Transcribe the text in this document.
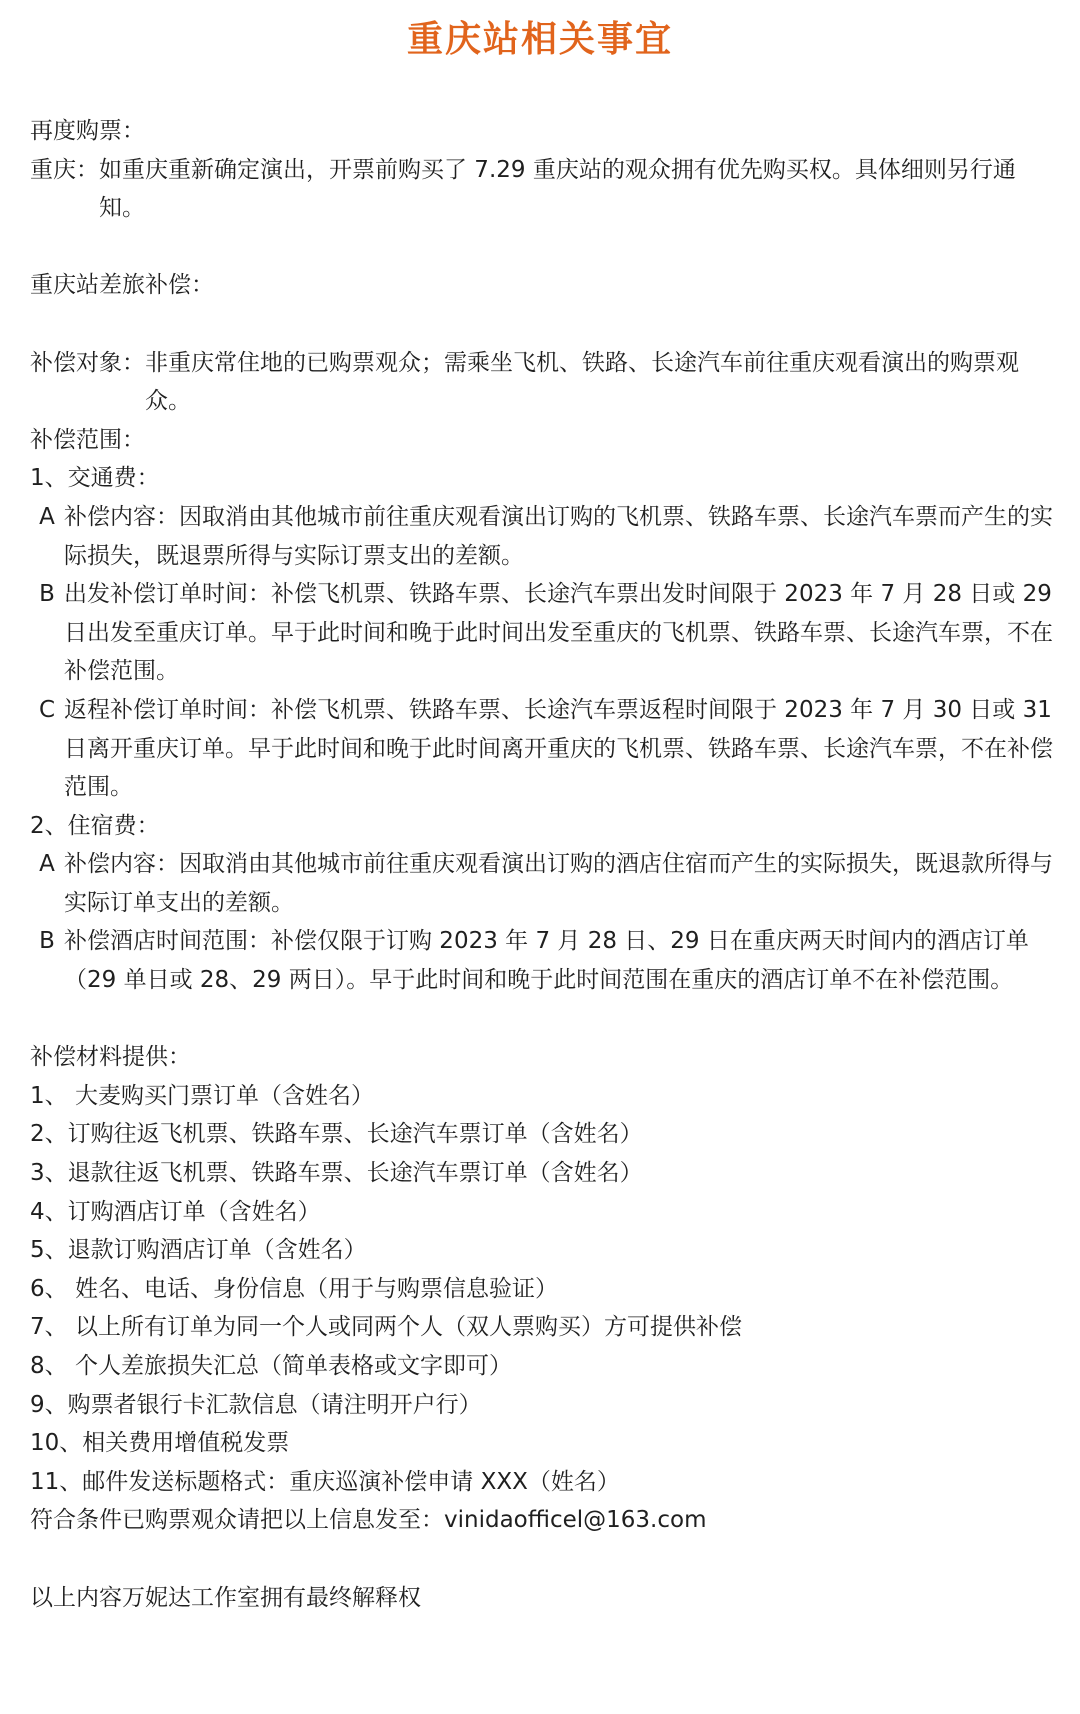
重庆站相关事宜

再度购票：

重庆： 如重庆重新确定演出，开票前购买了 7.29 重庆站的观众拥有优先购买权。具体细则另行通知。

重庆站差旅补偿：

补偿对象： 非重庆常住地的已购票观众；需乘坐飞机、铁路、长途汽车前往重庆观看演出的购票观众。

补偿范围：

1、交通费：

A 补偿内容：因取消由其他城市前往重庆观看演出订购的飞机票、铁路车票、长途汽车票而产生的实际损失，既退票所得与实际订票支出的差额。
B 出发补偿订单时间：补偿飞机票、铁路车票、长途汽车票出发时间限于 2023 年 7 月 28 日或 29 日出发至重庆订单。早于此时间和晚于此时间出发至重庆的飞机票、铁路车票、长途汽车票，不在补偿范围。
C 返程补偿订单时间：补偿飞机票、铁路车票、长途汽车票返程时间限于 2023 年 7 月 30 日或 31 日离开重庆订单。早于此时间和晚于此时间离开重庆的飞机票、铁路车票、长途汽车票，不在补偿范围。

2、住宿费：

A 补偿内容：因取消由其他城市前往重庆观看演出订购的酒店住宿而产生的实际损失，既退款所得与实际订单支出的差额。
B 补偿酒店时间范围：补偿仅限于订购 2023 年 7 月 28 日、29 日在重庆两天时间内的酒店订单（29 单日或 28、29 两日）。早于此时间和晚于此时间范围在重庆的酒店订单不在补偿范围。

补偿材料提供：

1、 大麦购买门票订单（含姓名）

2、订购往返飞机票、铁路车票、长途汽车票订单（含姓名）

3、退款往返飞机票、铁路车票、长途汽车票订单（含姓名）

4、订购酒店订单（含姓名）

5、退款订购酒店订单（含姓名）

6、 姓名、电话、身份信息（用于与购票信息验证）

7、 以上所有订单为同一个人或同两个人（双人票购买）方可提供补偿

8、 个人差旅损失汇总（简单表格或文字即可）

9、购票者银行卡汇款信息（请注明开户行）

10、相关费用增值税发票

11、邮件发送标题格式：重庆巡演补偿申请 XXX（姓名）

符合条件已购票观众请把以上信息发至：vinidaofficel@163.com

以上内容万妮达工作室拥有最终解释权
